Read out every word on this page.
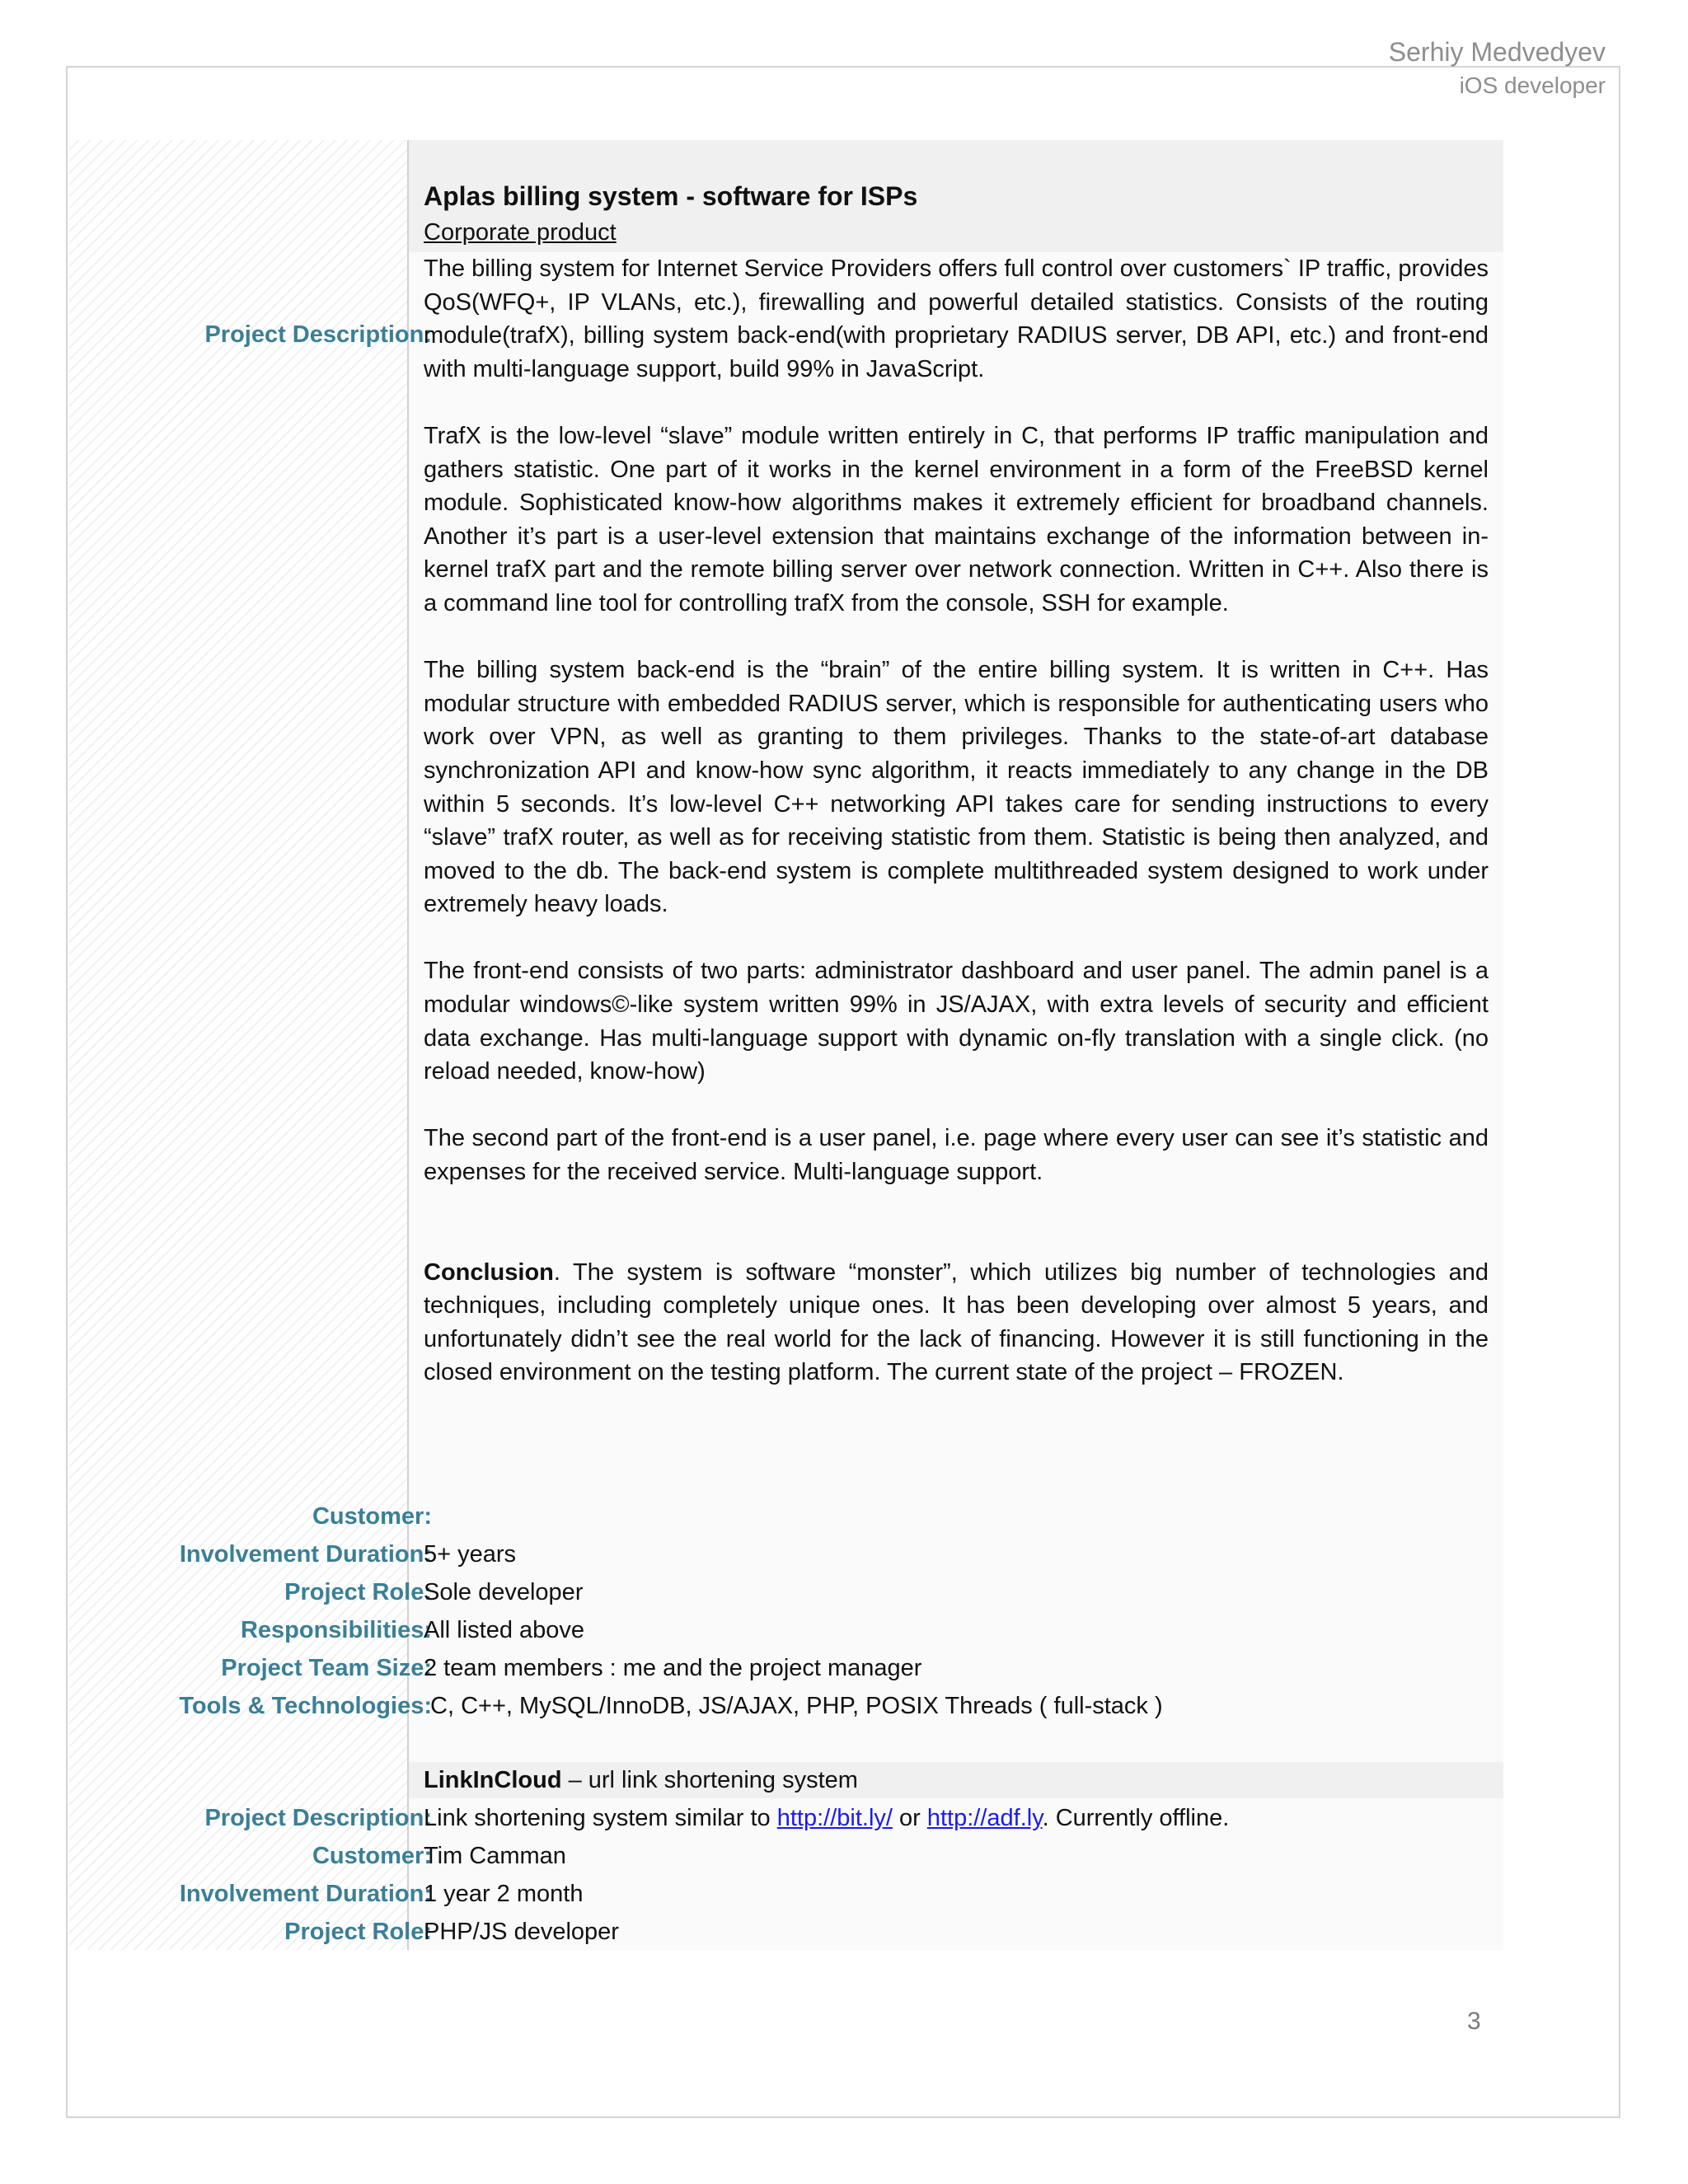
Serhiy Medvedyev
iOS developer
Aplas billing system - software for ISPs
Corporate product
Project Description:

The billing system for Internet Service Providers offers full control over customers` IP traffic, provides QoS(WFQ+, IP VLANs, etc.), firewalling and powerful detailed statistics. Consists of the routing module(trafX), billing system back-end(with proprietary RADIUS server, DB API, etc.) and front-end with multi-language support, build 99% in JavaScript.

TrafX is the low-level “slave” module written entirely in C, that performs IP traffic manipulation and gathers statistic. One part of it works in the kernel environment in a form of the FreeBSD kernel module. Sophisticated know-how algorithms makes it extremely efficient for broadband channels. Another it’s part is a user-level extension that maintains exchange of the information between in-kernel trafX part and the remote billing server over network connection. Written in C++. Also there is a command line tool for controlling trafX from the console, SSH for example.

The billing system back-end is the “brain” of the entire billing system. It is written in C++. Has modular structure with embedded RADIUS server, which is responsible for authenticating users who work over VPN, as well as granting to them privileges. Thanks to the state-of-art database synchronization API and know-how sync algorithm, it reacts immediately to any change in the DB within 5 seconds. It’s low-level C++ networking API takes care for sending instructions to every “slave” trafX router, as well as for receiving statistic from them. Statistic is being then analyzed, and moved to the db. The back-end system is complete multithreaded system designed to work under extremely heavy loads.

The front-end consists of two parts: administrator dashboard and user panel. The admin panel is a modular windows©-like system written 99% in JS/AJAX, with extra levels of security and efficient data exchange. Has multi-language support with dynamic on-fly translation with a single click. (no reload needed, know-how)

The second part of the front-end is a user panel, i.e. page where every user can see it’s statistic and expenses for the received service. Multi-language support.

Conclusion. The system is software “monster”, which utilizes big number of technologies and techniques, including completely unique ones. It has been developing over almost 5 years, and unfortunately didn’t see the real world for the lack of financing. However it is still functioning in the closed environment on the testing platform. The current state of the project – FROZEN.

Customer:
Involvement Duration:
5+ years
Project Role:
Sole developer
Responsibilities:
All listed above
Project Team Size:
2 team members : me and the project manager
Tools & Technologies:
C, C++, MySQL/InnoDB, JS/AJAX, PHP, POSIX Threads ( full-stack )
LinkInCloud – url link shortening system
Project Description:
Link shortening system similar to http://bit.ly/ or http://adf.ly. Currently offline.
Customer:
Tim Camman
Involvement Duration:
1 year 2 month
Project Role:
PHP/JS developer
3
